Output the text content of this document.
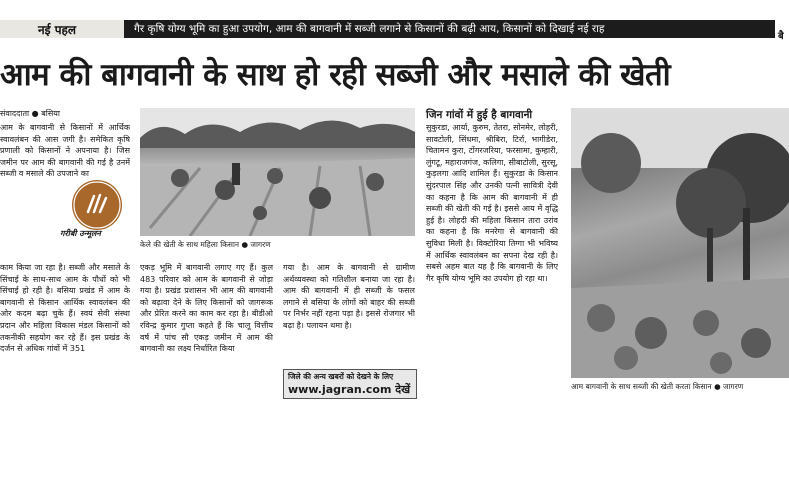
नई पहल	गैर कृषि योग्य भूमि का हुआ उपयोग, आम की बागवानी में सब्जी लगाने से किसानों की बढ़ी आय, किसानों को दिखाई नई राह
बै
आम की बागवानी के साथ हो रही सब्जी और मसाले की खेती
संवाददाता ● बसिया
आम के बागवानी से किसानों में आर्थिक स्वावलंबन की आस जगी है। समेकित कृषि प्रणाली को किसानों ने अपनाया है। जिस जमीन पर आम की बागवानी की गई है उनमें सब्जी व मसाले की उपजाने का
गरीबी उन्मूलन
काम किया जा रहा है। सब्जी और मसाले के सिंचाई के साथ-साथ आम के पौधों को भी सिंचाई हो रही है। बसिया प्रखंड में आम के बागवानी से किसान आर्थिक स्वावलंबन की ओर कदम बढ़ा चुके हैं। स्वयं सेवी संस्था प्रदान और महिला विकास मंडल किसानों को तकनीकी सहयोग कर रहे हैं। इस प्रखंड के दर्जन से अधिक गांवों में 351
केले की खेती के साथ महिला किसान ● जागरण
एकड़ भूमि में बागवानी लगाए गए हैं। कुल 483 परिवार को आम के बागवानी से जोड़ा गया है। प्रखंड प्रशासन भी आम की बागवानी को बढ़ावा देने के लिए किसानों को जागरूक और प्रेरित करने का काम कर रहा है। बीडीओ रविन्द्र कुमार गुप्ता कहते हैं कि चालू वित्तीय वर्ष में पांच सौ एकड़ जमीन में आम की बागवानी का लक्ष्य निर्धारित किया
गया है। आम के बागवानी से ग्रामीण अर्थव्यवस्था को गतिशील बनाया जा रहा है। आम की बागवानी में ही सब्जी के फसल लगाने से बसिया के लोगों को बाहर की सब्जी पर निर्भर नहीं रहना पड़ा है। इससे रोजगार भी बढ़ा है। पलायन थमा है।
जिले की अन्य खबरों को देखने के लिए
www.jagran.com देखें
जिन गांवों में हुई है बागवानी
सुकुरडा, आर्या, कुरुम, तेतरा, सोनमेर, लोहरी, सावटोली, सिंधमा, श्रीबिरा, टिर्रा, भागीडेरा, चितामन कुरा, टोंगरजरिया, फरसामा, कुम्हारी, लुंगटू, महाराजगंज, कलिगा, सीबाटोली, सुरसू, कुड़लगा आदि शामिल हैं। सुकुरडा के किसान सुंदरपाल सिंह और उनकी पत्नी सावित्री देवी का कहना है कि आम की बागवानी में ही सब्जी की खेती की गई है। इससे आय में वृद्धि हुई है। लोहदी की महिला किसान तारा उरांव का कहना है कि मनरेगा से बागवानी की सुविधा मिली है। विक्टोरिया तिग्गा भी भविष्य में आर्थिक स्वावलंबन का सपना देख रही है। सबसे अहम बात यह है कि बागवानी के लिए गैर कृषि योग्य भूमि का उपयोग हो रहा था।
आम बागवानी के साथ सब्जी की खेती करता किसान ● जागरण
